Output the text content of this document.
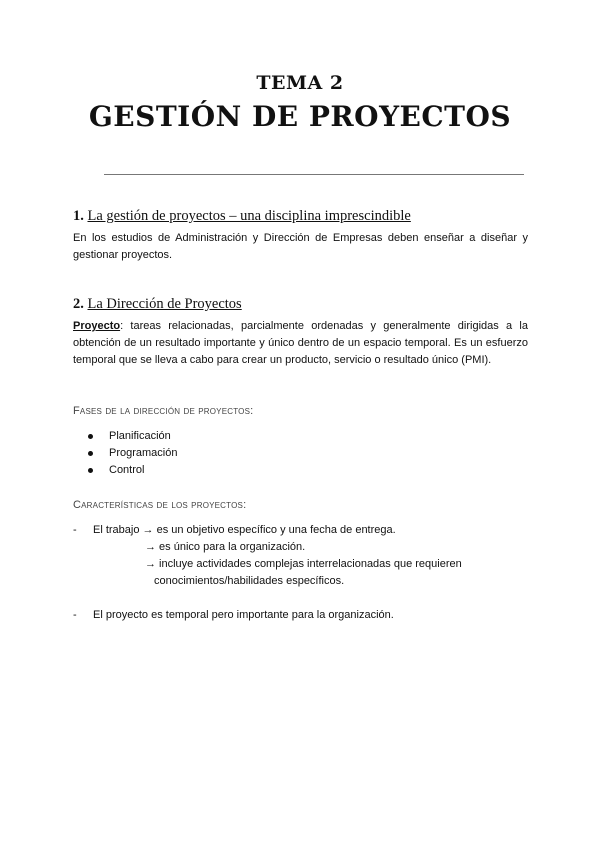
TEMA 2

GESTIÓN DE PROYECTOS

1. La gestión de proyectos – una disciplina imprescindible

En los estudios de Administración y Dirección de Empresas deben enseñar a diseñar y gestionar proyectos.

2. La Dirección de Proyectos

Proyecto: tareas relacionadas, parcialmente ordenadas y generalmente dirigidas a la obtención de un resultado importante y único dentro de un espacio temporal. Es un esfuerzo temporal que se lleva a cabo para crear un producto, servicio o resultado único (PMI).

Fases de la dirección de proyectos:

Planificación
Programación
Control

Características de los proyectos:

- El trabajo → es un objetivo específico y una fecha de entrega.

→ es único para la organización.

→ incluye actividades complejas interrelacionadas que requieren

conocimientos/habilidades específicos.

- El proyecto es temporal pero importante para la organización.
